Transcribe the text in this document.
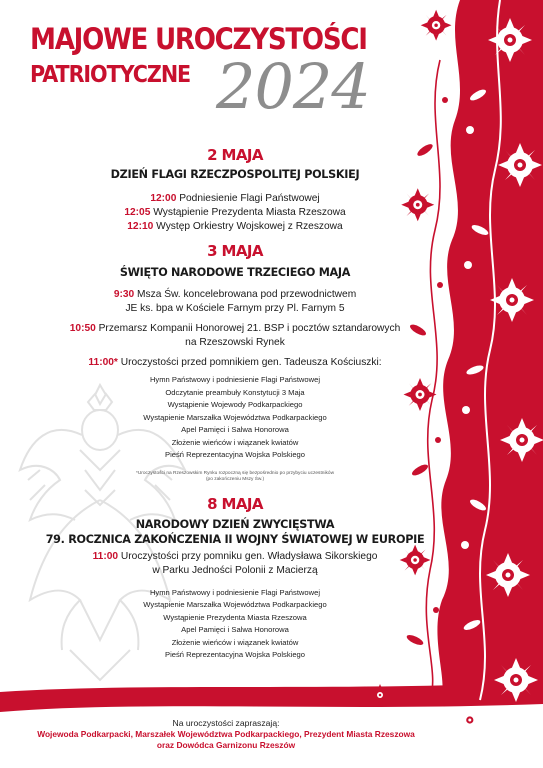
MAJOWE UROCZYSTOŚCI
PATRIOTYCZNE 2024

2 MAJA

DZIEŃ FLAGI RZECZPOSPOLITEJ POLSKIEJ

12:00 Podniesienie Flagi Państwowej

12:05 Wystąpienie Prezydenta Miasta Rzeszowa

12:10 Występ Orkiestry Wojskowej z Rzeszowa

3 MAJA

ŚWIĘTO NARODOWE TRZECIEGO MAJA

9:30 Msza Św. koncelebrowana pod przewodnictwem

JE ks. bpa w Kościele Farnym przy Pl. Farnym 5

10:50 Przemarsz Kompanii Honorowej 21. BSP i pocztów sztandarowych

na Rzeszowski Rynek

11:00* Uroczystości przed pomnikiem gen. Tadeusza Kościuszki:

Hymn Państwowy i podniesienie Flagi Państwowej

Odczytanie preambuły Konstytucji 3 Maja

Wystąpienie Wojewody Podkarpackiego

Wystąpienie Marszałka Województwa Podkarpackiego

Apel Pamięci i Salwa Honorowa

Złożenie wieńców i wiązanek kwiatów

Pieśń Reprezentacyjna Wojska Polskiego

*Uroczystości na Rzeszowskim Rynku rozpoczną się bezpośrednio po przybyciu uczestników

(po zakończeniu Mszy Św.)

8 MAJA

NARODOWY DZIEŃ ZWYCIĘSTWA

79. ROCZNICA ZAKOŃCZENIA II WOJNY ŚWIATOWEJ W EUROPIE

11:00 Uroczystości przy pomniku gen. Władysława Sikorskiego

w Parku Jedności Polonii z Macierzą

Hymn Państwowy i podniesienie Flagi Państwowej

Wystąpienie Marszałka Województwa Podkarpackiego

Wystąpienie Prezydenta Miasta Rzeszowa

Apel Pamięci i Salwa Honorowa

Złożenie wieńców i wiązanek kwiatów

Pieśń Reprezentacyjna Wojska Polskiego

Na uroczystości zapraszają:

Wojewoda Podkarpacki, Marszałek Województwa Podkarpackiego, Prezydent Miasta Rzeszowa

oraz Dowódca Garnizonu Rzeszów
